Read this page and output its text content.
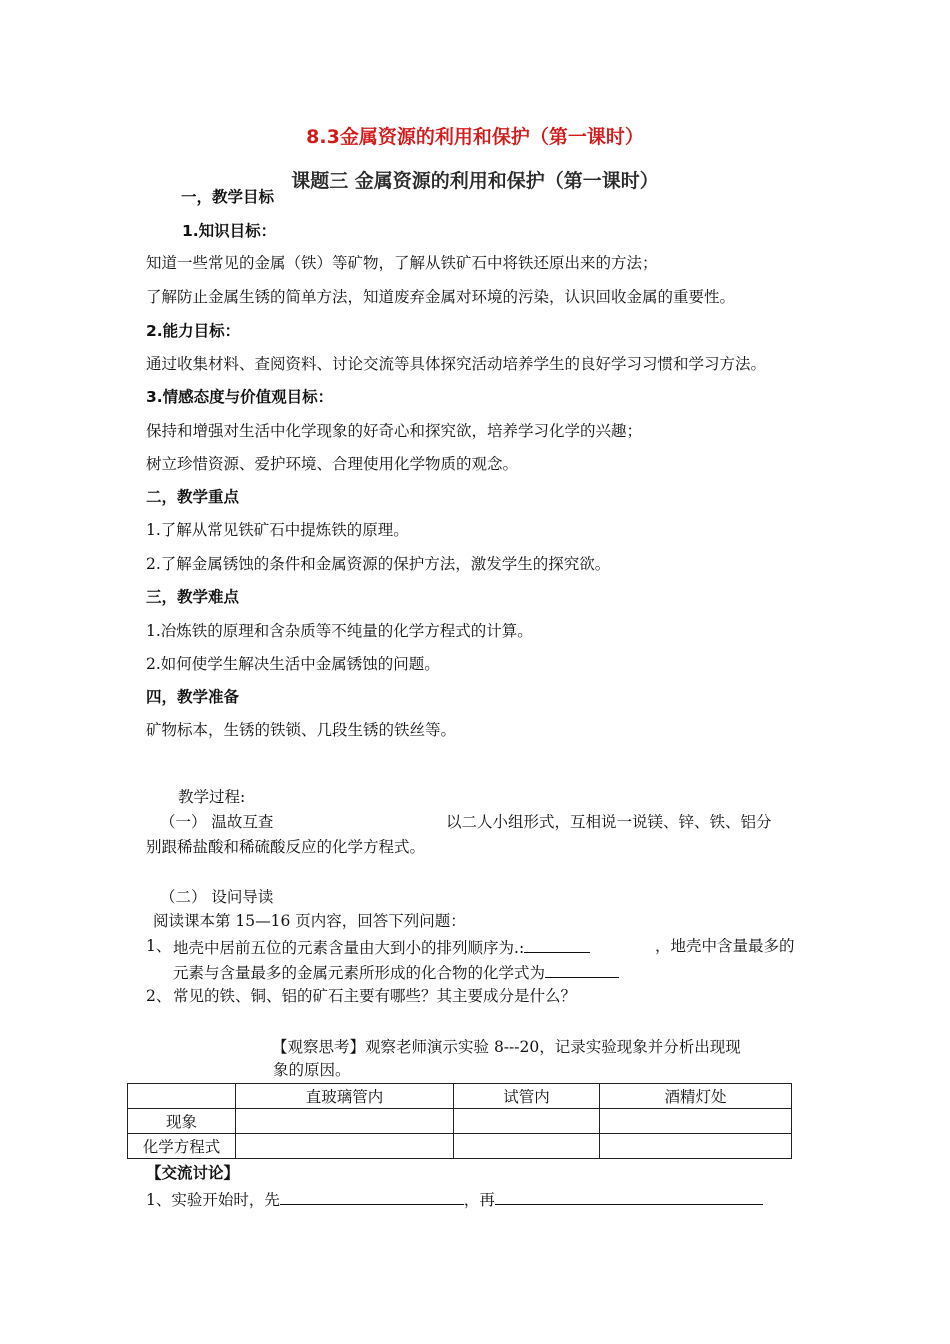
8.3金属资源的利用和保护（第一课时）
课题三 金属资源的利用和保护（第一课时）
一，教学目标
1.知识目标：
知道一些常见的金属（铁）等矿物，了解从铁矿石中将铁还原出来的方法；
了解防止金属生锈的简单方法，知道废弃金属对环境的污染，认识回收金属的重要性。
2.能力目标：
通过收集材料、查阅资料、讨论交流等具体探究活动培养学生的良好学习习惯和学习方法。
3.情感态度与价值观目标：
保持和增强对生活中化学现象的好奇心和探究欲，培养学习化学的兴趣；
树立珍惜资源、爱护环境、合理使用化学物质的观念。
二，教学重点
1.了解从常见铁矿石中提炼铁的原理。
2.了解金属锈蚀的条件和金属资源的保护方法，激发学生的探究欲。
三，教学难点
1.冶炼铁的原理和含杂质等不纯量的化学方程式的计算。
2.如何使学生解决生活中金属锈蚀的问题。
四，教学准备
矿物标本，生锈的铁锁、几段生锈的铁丝等。
教学过程:
（一） 温故互查	以二人小组形式，互相说一说镁、锌、铁、铝分
别跟稀盐酸和稀硫酸反应的化学方程式。
（二） 设问导读
阅读课本第 15—16 页内容，回答下列问题：
1、 地壳中居前五位的元素含量由大到小的排列顺序为.:	，地壳中含量最多的
元素与含量最多的金属元素所形成的化合物的化学式为
2、 常见的铁、铜、铝的矿石主要有哪些？其主要成分是什么？
【观察思考】观察老师演示实验 8---20，记录实验现象并分析出现现
象的原因。
	直玻璃管内	试管内	酒精灯处
现象			
化学方程式			
【交流讨论】
1、实验开始时，先	，再
